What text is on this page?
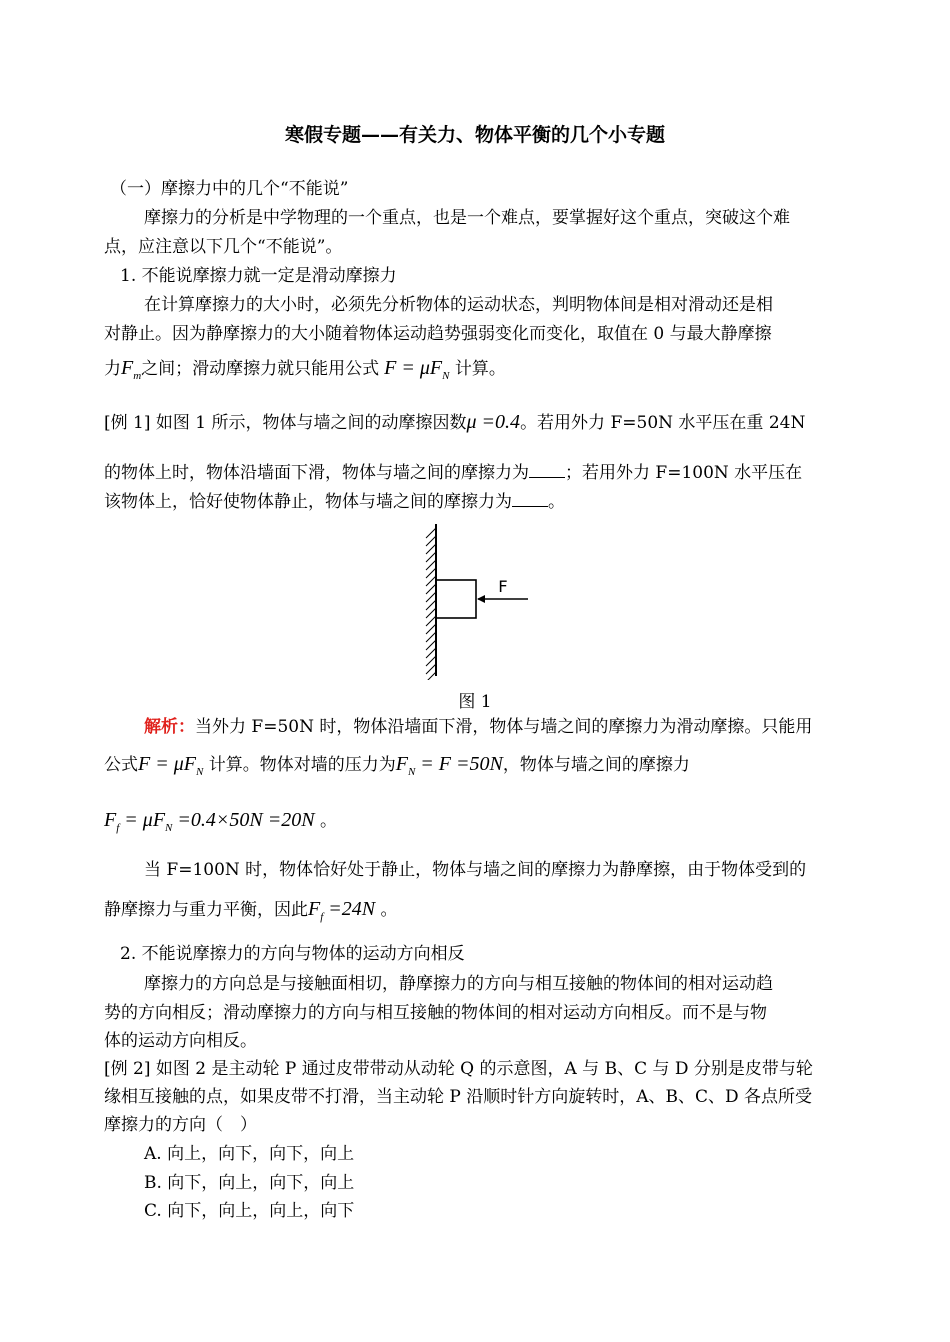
寒假专题——有关力、物体平衡的几个小专题
（一）摩擦力中的几个“不能说”
摩擦力的分析是中学物理的一个重点，也是一个难点，要掌握好这个重点，突破这个难
点，应注意以下几个“不能说”。
1. 不能说摩擦力就一定是滑动摩擦力
在计算摩擦力的大小时，必须先分析物体的运动状态，判明物体间是相对滑动还是相
对静止。因为静摩擦力的大小随着物体运动趋势强弱变化而变化，取值在 0 与最大静摩擦
力$F_m$之间；滑动摩擦力就只能用公式 $F = \mu F_N$ 计算。
[例 1] 如图 1 所示，物体与墙之间的动摩擦因数μ =0.4。若用外力 F=50N 水平压在重 24N
的物体上时，物体沿墙面下滑，物体与墙之间的摩擦力为 ；若用外力 F=100N 水平压在
该物体上，恰好使物体静止，物体与墙之间的摩擦力为 。
F
图 1
解析：当外力 F=50N 时，物体沿墙面下滑，物体与墙之间的摩擦力为滑动摩擦。只能用
公式$F = \mu F_N$ 计算。物体对墙的压力为$F_N = F =50N$，物体与墙之间的摩擦力
$F_f = \mu F_N =0.4\times 50N =20N$ 。
当 F=100N 时，物体恰好处于静止，物体与墙之间的摩擦力为静摩擦，由于物体受到的
静摩擦力与重力平衡，因此$F_f =24N$ 。
2. 不能说摩擦力的方向与物体的运动方向相反
摩擦力的方向总是与接触面相切，静摩擦力的方向与相互接触的物体间的相对运动趋
势的方向相反；滑动摩擦力的方向与相互接触的物体间的相对运动方向相反。而不是与物
体的运动方向相反。
[例 2] 如图 2 是主动轮 P 通过皮带带动从动轮 Q 的示意图，A 与 B、C 与 D 分别是皮带与轮
缘相互接触的点，如果皮带不打滑，当主动轮 P 沿顺时针方向旋转时，A、B、C、D 各点所受
摩擦力的方向（　）
A. 向上，向下，向下，向上
B. 向下，向上，向下，向上
C. 向下，向上，向上，向下
